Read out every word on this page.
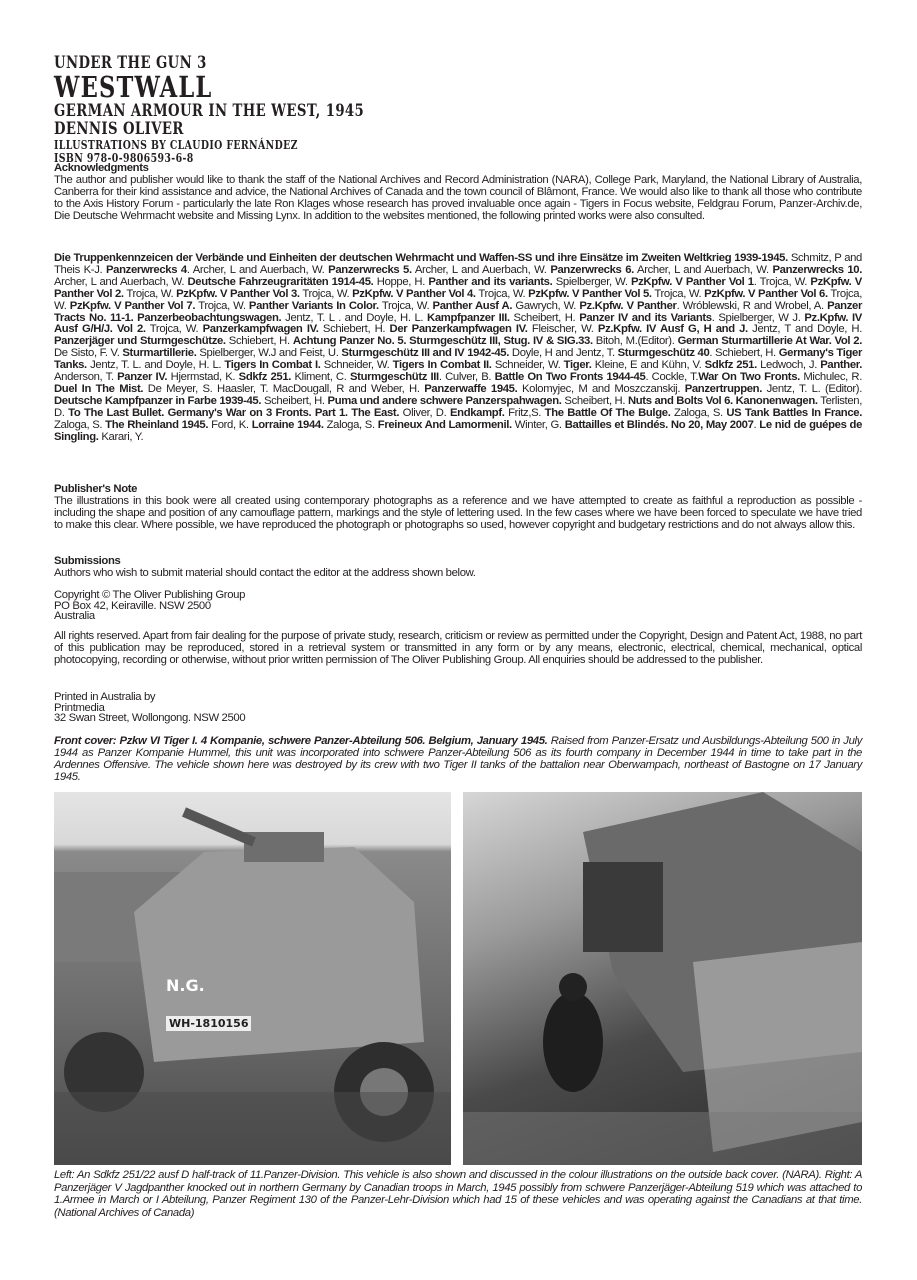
UNDER THE GUN 3
WESTWALL
GERMAN ARMOUR IN THE WEST, 1945
DENNIS OLIVER
ILLUSTRATIONS BY CLAUDIO FERNÁNDEZ
ISBN 978-0-9806593-6-8
Acknowledgments

The author and publisher would like to thank the staff of the National Archives and Record Administration (NARA), College Park, Maryland, the National Library of Australia, Canberra for their kind assistance and advice, the National Archives of Canada and the town council of Blâmont, France. We would also like to thank all those who contribute to the Axis History Forum - particularly the late Ron Klages whose research has proved invaluable once again - Tigers in Focus website, Feldgrau Forum, Panzer-Archiv.de, Die Deutsche Wehrmacht website and Missing Lynx. In addition to the websites mentioned, the following printed works were also consulted.

Die Truppenkennzeicen der Verbände und Einheiten der deutschen Wehrmacht und Waffen-SS und ihre Einsätze im Zweiten Weltkrieg 1939-1945. Schmitz, P and Theis K-J. Panzerwrecks 4. Archer, L and Auerbach, W. Panzerwrecks 5. Archer, L and Auerbach, W. Panzerwrecks 6. Archer, L and Auerbach, W. Panzerwrecks 10. Archer, L and Auerbach, W. Deutsche Fahrzeugraritäten 1914-45. Hoppe, H. Panther and its variants. Spielberger, W. PzKpfw. V Panther Vol 1. Trojca, W. PzKpfw. V Panther Vol 2. Trojca, W. PzKpfw. V Panther Vol 3. Trojca, W. PzKpfw. V Panther Vol 4. Trojca, W. PzKpfw. V Panther Vol 5. Trojca, W. PzKpfw. V Panther Vol 6. Trojca, W. PzKpfw. V Panther Vol 7. Trojca, W. Panther Variants In Color. Trojca, W. Panther Ausf A. Gawrych, W. Pz.Kpfw. V Panther. Wróblewski, R and Wrobel, A. Panzer Tracts No. 11-1. Panzerbeobachtungswagen. Jentz, T. L . and Doyle, H. L. Kampfpanzer III. Scheibert, H. Panzer IV and its Variants. Spielberger, W J. Pz.Kpfw. IV Ausf G/H/J. Vol 2. Trojca, W. Panzerkampfwagen IV. Schiebert, H. Der Panzerkampfwagen IV. Fleischer, W. Pz.Kpfw. IV Ausf G, H and J. Jentz, T and Doyle, H. Panzerjäger und Sturmgeschütze. Schiebert, H. Achtung Panzer No. 5. Sturmgeschütz III, Stug. IV & SIG.33. Bitoh, M.(Editor). German Sturmartillerie At War. Vol 2. De Sisto, F. V. Sturmartillerie. Spielberger, W.J and Feist, U. Sturmgeschütz III and IV 1942-45. Doyle, H and Jentz, T. Sturmgeschütz 40. Schiebert, H. Germany's Tiger Tanks. Jentz, T. L. and Doyle, H. L. Tigers In Combat I. Schneider, W. Tigers In Combat II. Schneider, W. Tiger. Kleine, E and Kühn, V. Sdkfz 251. Ledwoch, J. Panther. Anderson, T. Panzer IV. Hjermstad, K. Sdkfz 251. Kliment, C. Sturmgeschütz III. Culver, B. Battle On Two Fronts 1944-45. Cockle, T.War On Two Fronts. Michulec, R. Duel In The Mist. De Meyer, S. Haasler, T. MacDougall, R and Weber, H. Panzerwaffe 1945. Kolomyjec, M and Moszczanskij. Panzertruppen. Jentz, T. L. (Editor). Deutsche Kampfpanzer in Farbe 1939-45. Scheibert, H. Puma und andere schwere Panzerspahwagen. Scheibert, H. Nuts and Bolts Vol 6. Kanonenwagen. Terlisten, D. To The Last Bullet. Germany's War on 3 Fronts. Part 1. The East. Oliver, D. Endkampf. Fritz,S. The Battle Of The Bulge. Zaloga, S. US Tank Battles In France. Zaloga, S. The Rheinland 1945. Ford, K. Lorraine 1944. Zaloga, S. Freineux And Lamormenil. Winter, G. Battailles et Blindés. No 20, May 2007. Le nid de guépes de Singling. Karari, Y.
Publisher's Note

The illustrations in this book were all created using contemporary photographs as a reference and we have attempted to create as faithful a reproduction as possible - including the shape and position of any camouflage pattern, markings and the style of lettering used. In the few cases where we have been forced to speculate we have tried to make this clear. Where possible, we have reproduced the photograph or photographs so used, however copyright and budgetary restrictions and do not always allow this.

Submissions

Authors who wish to submit material should contact the editor at the address shown below.

Copyright © The Oliver Publishing Group
PO Box 42, Keiraville. NSW 2500
Australia
All rights reserved. Apart from fair dealing for the purpose of private study, research, criticism or review as permitted under the Copyright, Design and Patent Act, 1988, no part of this publication may be reproduced, stored in a retrieval system or transmitted in any form or by any means, electronic, electrical, chemical, mechanical, optical photocopying, recording or otherwise, without prior written permission of The Oliver Publishing Group. All enquiries should be addressed to the publisher.
Printed in Australia by
Printmedia
32 Swan Street, Wollongong. NSW 2500
Front cover: Pzkw VI Tiger I. 4 Kompanie, schwere Panzer-Abteilung 506. Belgium, January 1945. Raised from Panzer-Ersatz und Ausbildungs-Abteilung 500 in July 1944 as Panzer Kompanie Hummel, this unit was incorporated into schwere Panzer-Abteilung 506 as its fourth company in December 1944 in time to take part in the Ardennes Offensive. The vehicle shown here was destroyed by its crew with two Tiger II tanks of the battalion near Oberwampach, northeast of Bastogne on 17 January 1945.
N.G.
WH-1810156
Left: An Sdkfz 251/22 ausf D half-track of 11.Panzer-Division. This vehicle is also shown and discussed in the colour illustrations on the outside back cover. (NARA). Right: A Panzerjäger V Jagdpanther knocked out in northern Germany by Canadian troops in March, 1945 possibly from schwere Panzerjäger-Abteilung 519 which was attached to 1.Armee in March or I Abteilung, Panzer Regiment 130 of the Panzer-Lehr-Division which had 15 of these vehicles and was operating against the Canadians at that time. (National Archives of Canada)
